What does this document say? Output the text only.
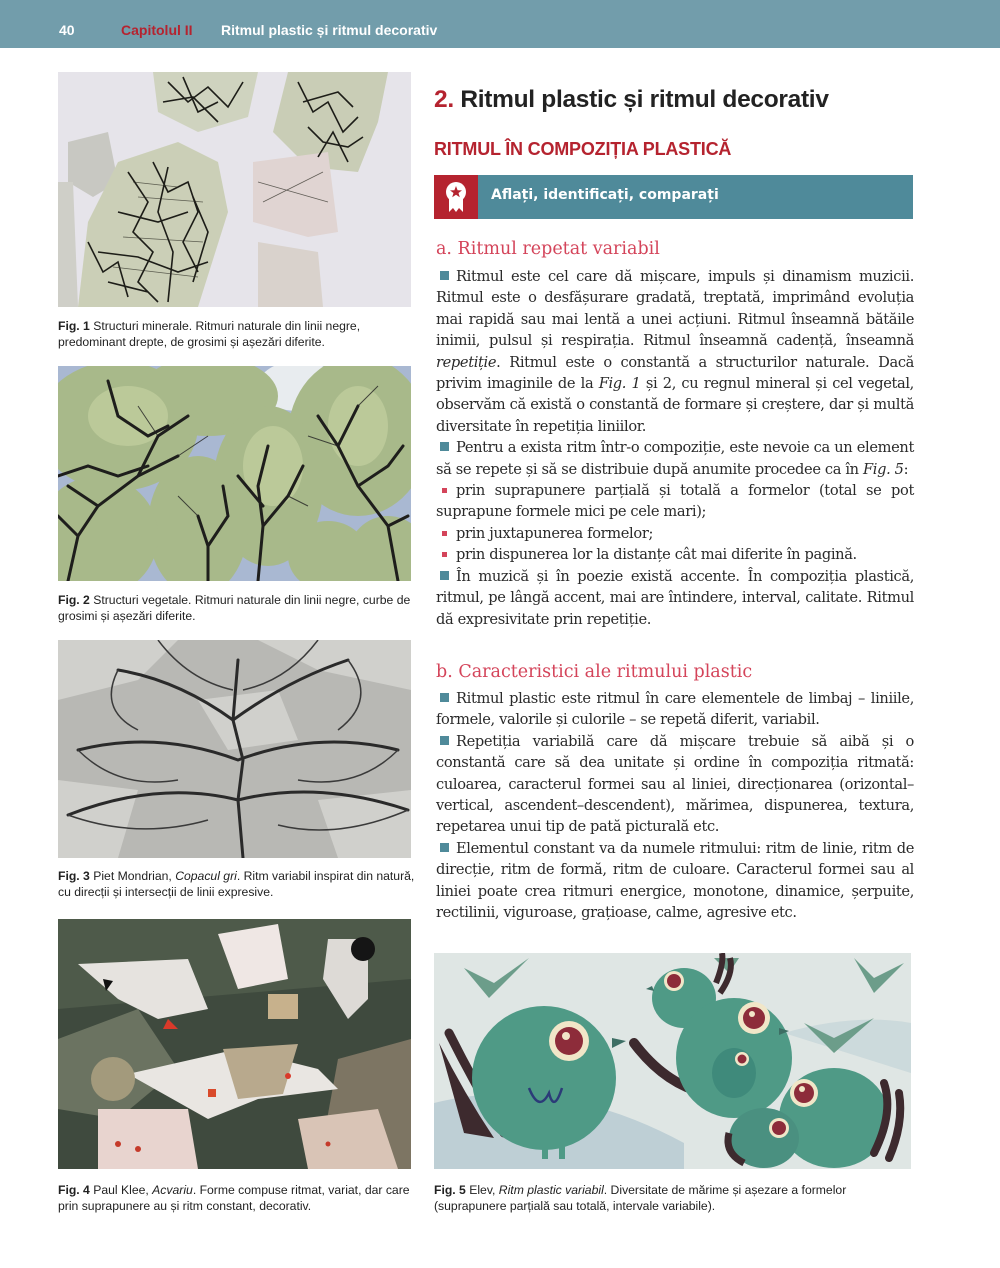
40	Capitolul II Ritmul plastic și ritmul decorativ
Fig. 1 Structuri minerale. Ritmuri naturale din linii negre, predominant drepte, de grosimi și așezări diferite.
Fig. 2 Structuri vegetale. Ritmuri naturale din linii negre, curbe de grosimi și așezări diferite.
Fig. 3 Piet Mondrian, Copacul gri. Ritm variabil inspirat din natură, cu direcții și intersecții de linii expresive.
Fig. 4 Paul Klee, Acvariu. Forme compuse ritmat, variat, dar care prin suprapunere au și ritm constant, decorativ.
2. Ritmul plastic și ritmul decorativ
RITMUL ÎN COMPOZIȚIA PLASTICĂ
Aflați, identificați, comparați
a. Ritmul repetat variabil

Ritmul este cel care dă mișcare, impuls și dinamism muzicii. Ritmul este o desfășurare gradată, treptată, imprimând evoluția mai rapidă sau mai lentă a unei acțiuni. Ritmul înseamnă bătăile inimii, pulsul și respirația. Ritmul înseamnă cadență, înseamnă repetiție. Ritmul este o constantă a structurilor naturale. Dacă privim imaginile de la Fig. 1 și 2, cu regnul mineral și cel vegetal, observăm că există o constantă de formare și creștere, dar și multă diversitate în repetiția liniilor.

Pentru a exista ritm într-o compoziție, este nevoie ca un element să se repete și să se distribuie după anumite procedee ca în Fig. 5:

prin suprapunere parțială și totală a formelor (total se pot suprapune formele mici pe cele mari);

prin juxtapunerea formelor;

prin dispunerea lor la distanțe cât mai diferite în pagină.

În muzică și în poezie există accente. În compoziția plastică, ritmul, pe lângă accent, mai are întindere, interval, calitate. Ritmul dă expresivitate prin repetiție.

b. Caracteristici ale ritmului plastic

Ritmul plastic este ritmul în care elementele de limbaj – liniile, formele, valorile și culorile – se repetă diferit, variabil.

Repetiția variabilă care dă mișcare trebuie să aibă și o constantă care să dea unitate și ordine în compoziția ritmată: culoarea, caracterul formei sau al liniei, direcționarea (orizontal–vertical, ascendent–descendent), mărimea, dispunerea, textura, repetarea unui tip de pată picturală etc.

Elementul constant va da numele ritmului: ritm de linie, ritm de direcție, ritm de formă, ritm de culoare. Caracterul formei sau al liniei poate crea ritmuri energice, monotone, dinamice, șerpuite, rectilinii, viguroase, grațioase, calme, agresive etc.

Fig. 5 Elev, Ritm plastic variabil. Diversitate de mărime și așezare a formelor (suprapunere parțială sau totală, intervale variabile).
